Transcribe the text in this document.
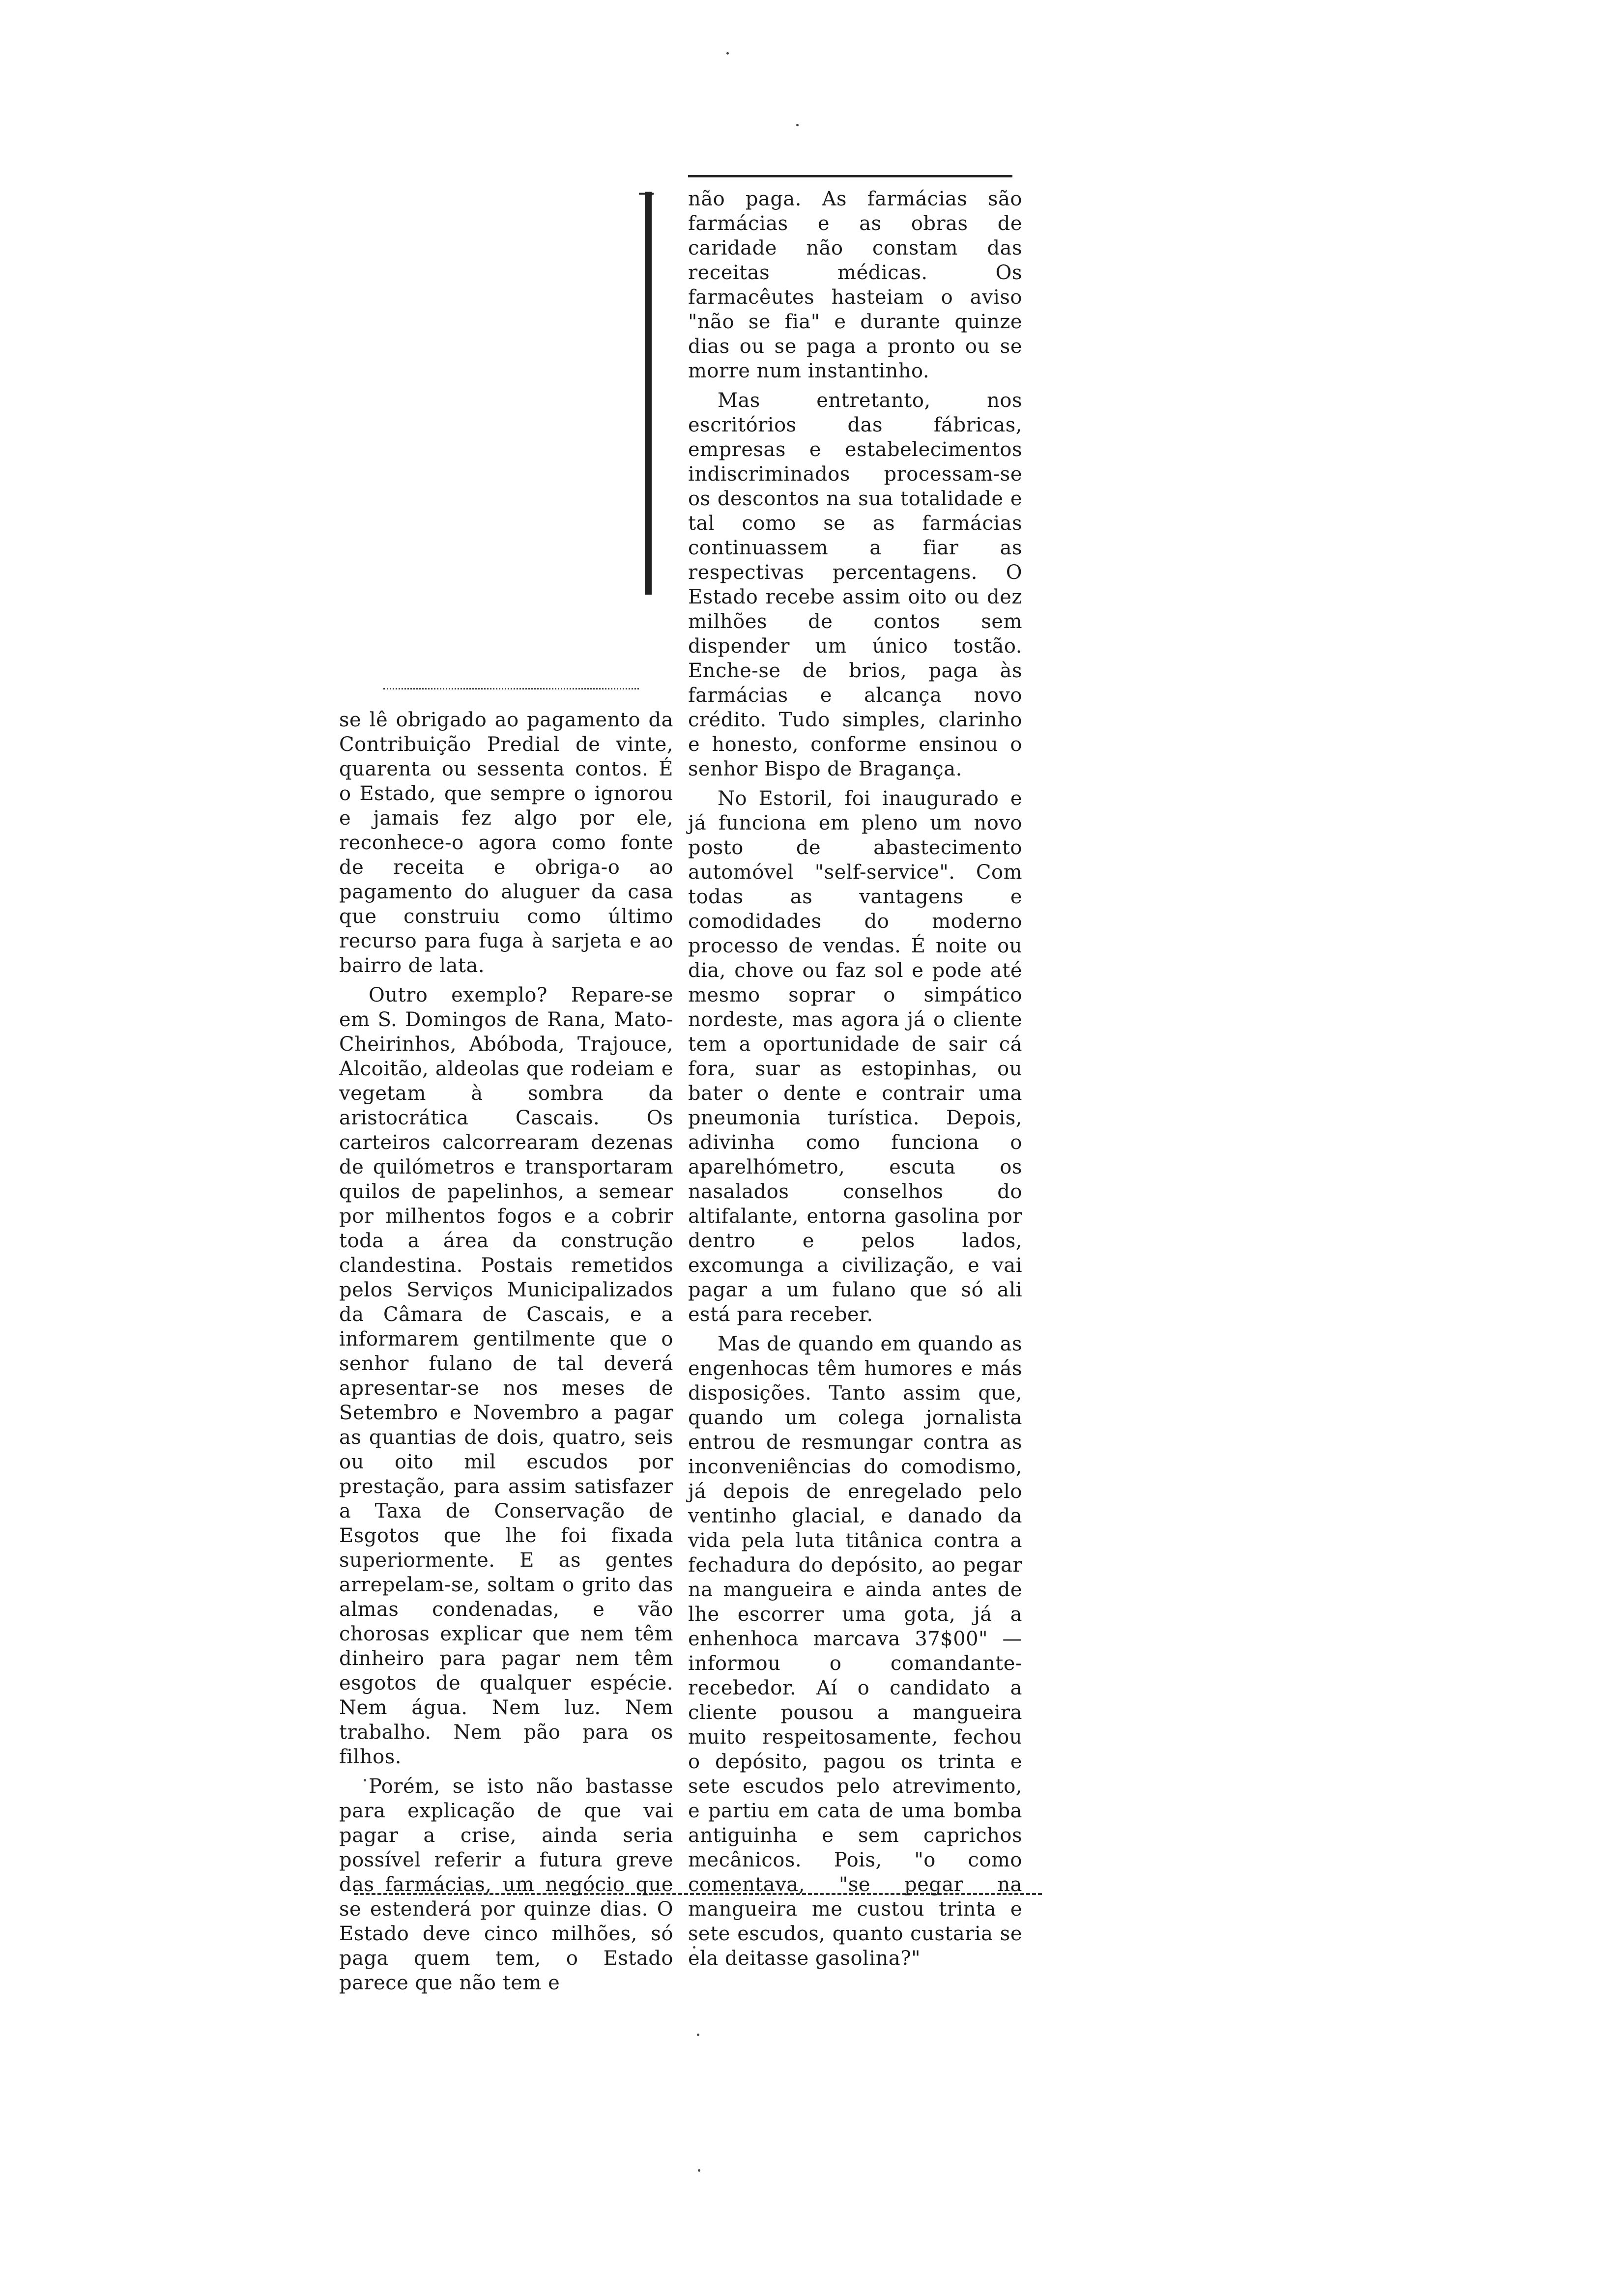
não paga. As farmácias são farmácias e as obras de caridade não constam das receitas médicas. Os farmacêutes hasteiam o aviso "não se fia" e durante quinze dias ou se paga a pronto ou se morre num instantinho.

Mas entretanto, nos escritórios das fábricas, empresas e estabelecimentos indiscriminados processam-se os descontos na sua totalidade e tal como se as farmácias continuassem a fiar as respectivas percentagens. O Estado recebe assim oito ou dez milhões de contos sem dispender um único tostão. Enche-se de brios, paga às farmácias e alcança novo crédito. Tudo simples, clarinho e honesto, conforme ensinou o senhor Bispo de Bragança.

No Estoril, foi inaugurado e já funciona em pleno um novo posto de abastecimento automóvel "self-service". Com todas as vantagens e comodidades do moderno processo de vendas. É noite ou dia, chove ou faz sol e pode até mesmo soprar o simpático nordeste, mas agora já o cliente tem a oportunidade de sair cá fora, suar as estopinhas, ou bater o dente e contrair uma pneumonia turística. Depois, adivinha como funciona o aparelhómetro, escuta os nasalados conselhos do altifalante, entorna gasolina por dentro e pelos lados, excomunga a civilização, e vai pagar a um fulano que só ali está para receber.

Mas de quando em quando as engenhocas têm humores e más disposições. Tanto assim que, quando um colega jornalista entrou de resmungar contra as inconveniências do comodismo, já depois de enregelado pelo ventinho glacial, e danado da vida pela luta titânica contra a fechadura do depósito, ao pegar na mangueira e ainda antes de lhe escorrer uma gota, já a enhenhoca marcava 37$00" — informou o comandante-recebedor. Aí o candidato a cliente pousou a mangueira muito respeitosamente, fechou o depósito, pagou os trinta e sete escudos pelo atrevimento, e partiu em cata de uma bomba antiguinha e sem caprichos mecânicos. Pois, "o como comentava, "se pegar na mangueira me custou trinta e sete escudos, quanto custaria se ela deitasse gasolina?"

se lê obrigado ao pagamento da Contribuição Predial de vinte, quarenta ou sessenta contos. É o Estado, que sempre o ignorou e jamais fez algo por ele, reconhece-o agora como fonte de receita e obriga-o ao pagamento do aluguer da casa que construiu como último recurso para fuga à sarjeta e ao bairro de lata.

Outro exemplo? Repare-se em S. Domingos de Rana, Mato-Cheirinhos, Abóboda, Trajouce, Alcoitão, aldeolas que rodeiam e vegetam à sombra da aristocrática Cascais. Os carteiros calcorrearam dezenas de quilómetros e transportaram quilos de papelinhos, a semear por milhentos fogos e a cobrir toda a área da construção clandestina. Postais remetidos pelos Serviços Municipalizados da Câmara de Cascais, e a informarem gentilmente que o senhor fulano de tal deverá apresentar-se nos meses de Setembro e Novembro a pagar as quantias de dois, quatro, seis ou oito mil escudos por prestação, para assim satisfazer a Taxa de Conservação de Esgotos que lhe foi fixada superiormente. E as gentes arrepelam-se, soltam o grito das almas condenadas, e vão chorosas explicar que nem têm dinheiro para pagar nem têm esgotos de qualquer espécie. Nem água. Nem luz. Nem trabalho. Nem pão para os filhos.

Porém, se isto não bastasse para explicação de que vai pagar a crise, ainda seria possível referir a futura greve das farmácias, um negócio que se estenderá por quinze dias. O Estado deve cinco milhões, só paga quem tem, o Estado parece que não tem e
